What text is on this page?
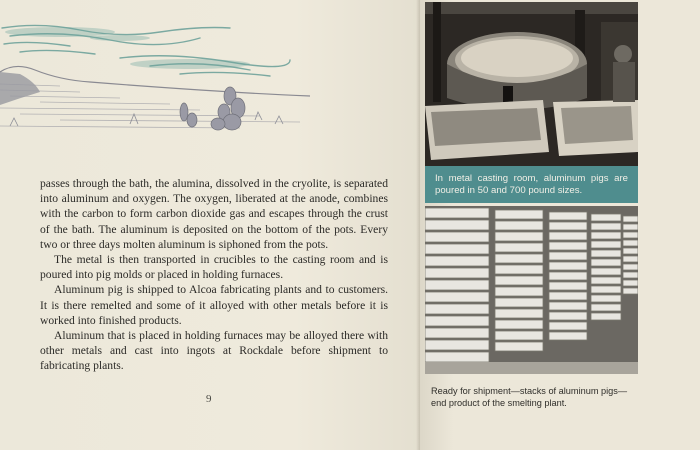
passes through the bath, the alumina, dissolved in the cryolite, is separated into aluminum and oxygen. The oxygen, liberated at the anode, combines with the carbon to form carbon dioxide gas and escapes through the crust of the bath. The aluminum is deposited on the bottom of the pots. Every two or three days molten aluminum is siphoned from the pots.

The metal is then transported in crucibles to the casting room and is poured into pig molds or placed in holding furnaces.

Aluminum pig is shipped to Alcoa fabricating plants and to customers. It is there remelted and some of it alloyed with other metals before it is worked into finished products.

Aluminum that is placed in holding furnaces may be alloyed there with other metals and cast into ingots at Rockdale before shipment to fabricating plants.

9
In metal casting room, aluminum pigs are poured in 50 and 700 pound sizes.
Ready for shipment—stacks of aluminum pigs—end product of the smelting plant.
